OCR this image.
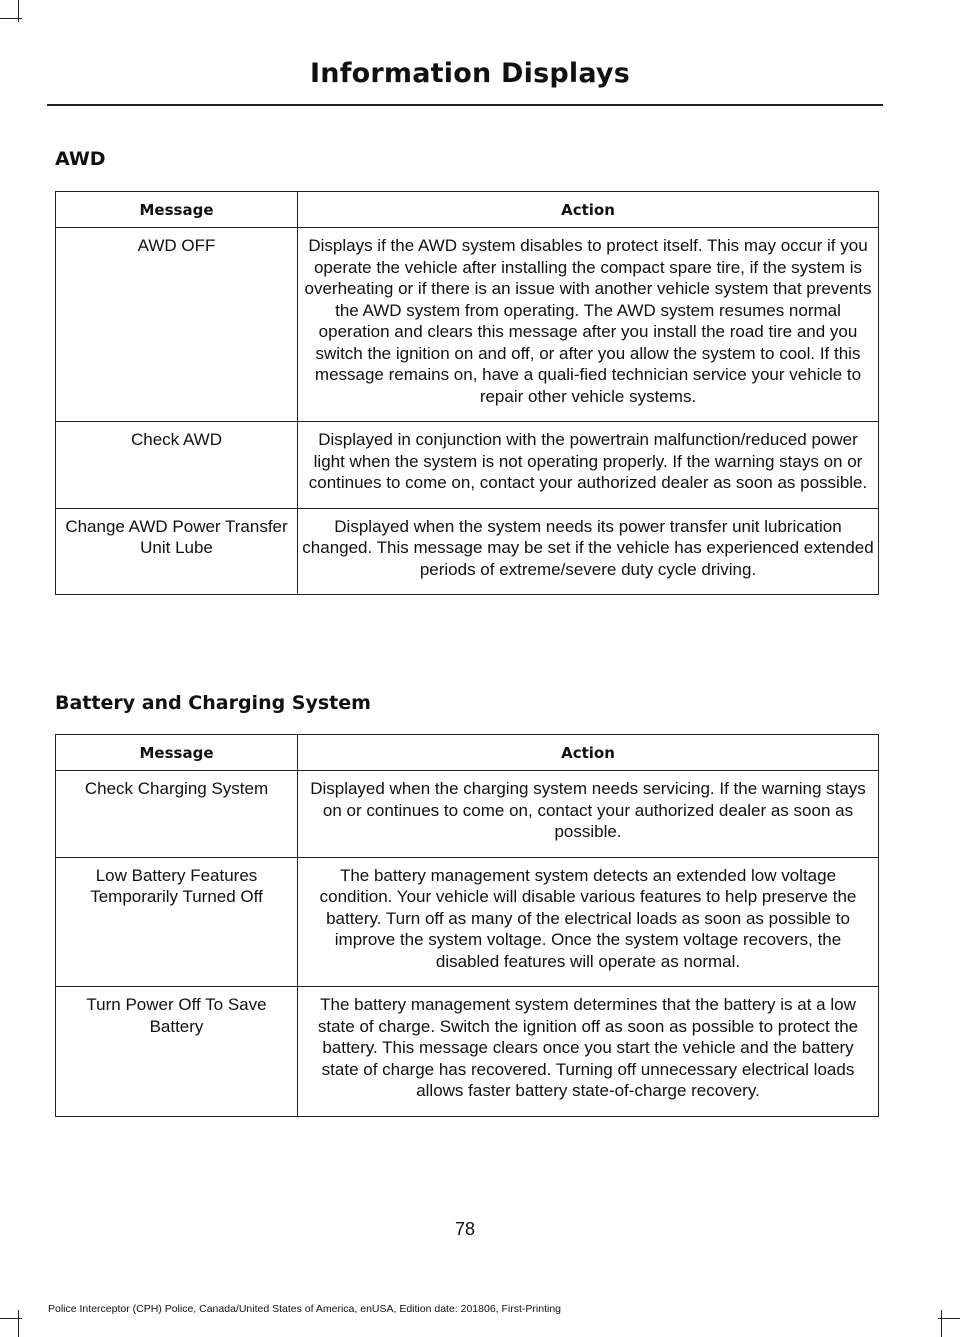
Information Displays
AWD
Message	Action
AWD OFF	Displays if the AWD system disables to protect itself. This may occur if you operate the vehicle after installing the compact spare tire, if the system is overheating or if there is an issue with another vehicle system that prevents the AWD system from operating. The AWD system resumes normal operation and clears this message after you install the road tire and you switch the ignition on and off, or after you allow the system to cool. If this message remains on, have a quali-fied technician service your vehicle to repair other vehicle systems.
Check AWD	Displayed in conjunction with the powertrain malfunction/reduced power light when the system is not operating properly. If the warning stays on or continues to come on, contact your authorized dealer as soon as possible.
Change AWD Power Transfer Unit Lube	Displayed when the system needs its power transfer unit lubrication changed. This message may be set if the vehicle has experienced extended periods of extreme/severe duty cycle driving.
Battery and Charging System
Message	Action
Check Charging System	Displayed when the charging system needs servicing. If the warning stays on or continues to come on, contact your authorized dealer as soon as possible.
Low Battery Features Temporarily Turned Off	The battery management system detects an extended low voltage condition. Your vehicle will disable various features to help preserve the battery. Turn off as many of the electrical loads as soon as possible to improve the system voltage. Once the system voltage recovers, the disabled features will operate as normal.
Turn Power Off To Save Battery	The battery management system determines that the battery is at a low state of charge. Switch the ignition off as soon as possible to protect the battery. This message clears once you start the vehicle and the battery state of charge has recovered. Turning off unnecessary electrical loads allows faster battery state-of-charge recovery.
78
Police Interceptor (CPH) Police, Canada/United States of America, enUSA, Edition date: 201806, First-Printing
